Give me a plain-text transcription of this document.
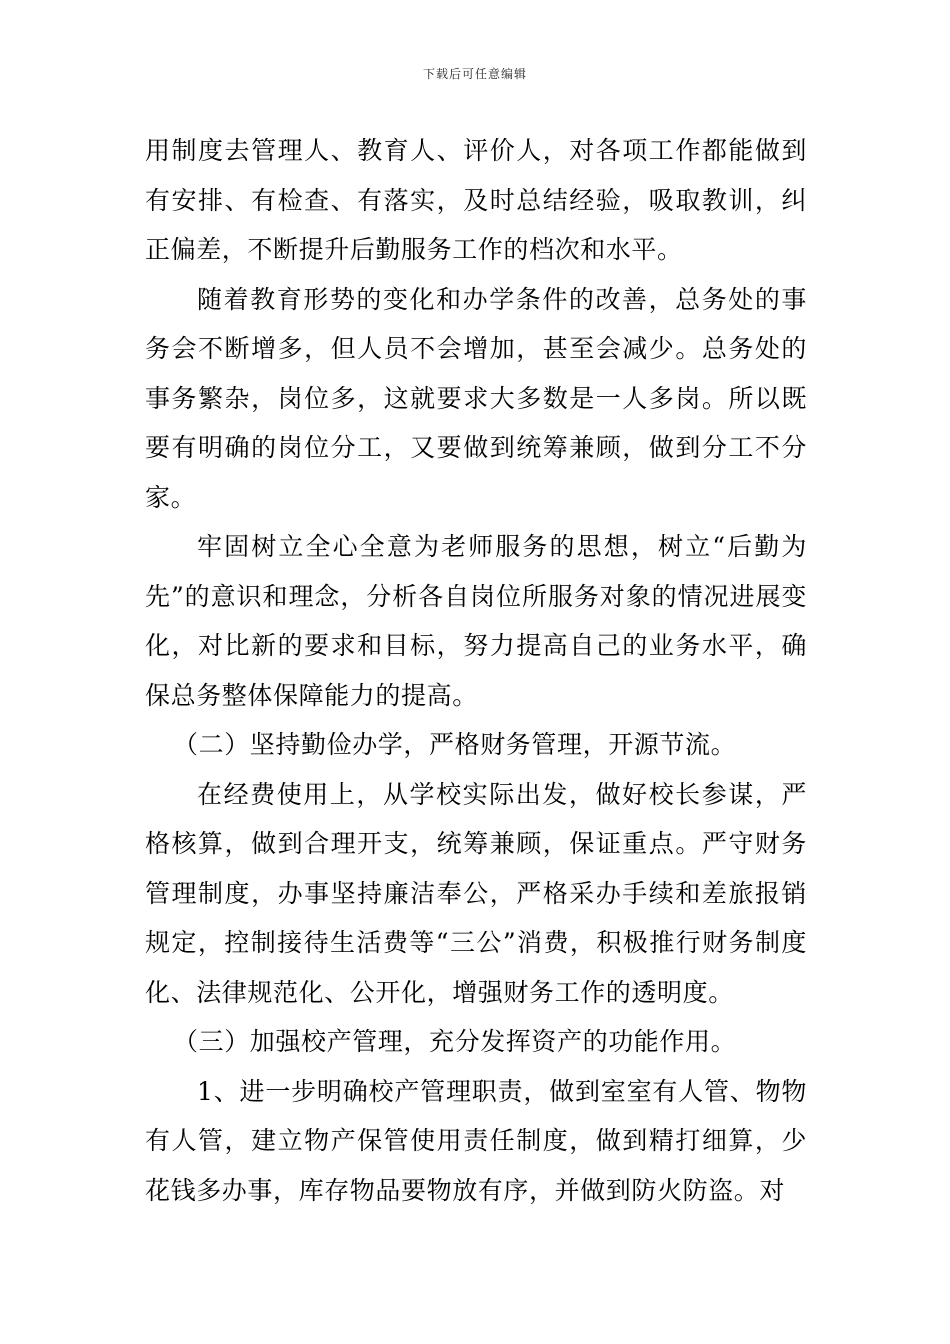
下载后可任意编辑

用制度去管理人、教育人、评价人，对各项工作都能做到有安排、有检查、有落实，及时总结经验，吸取教训，纠正偏差，不断提升后勤服务工作的档次和水平。

随着教育形势的变化和办学条件的改善，总务处的事务会不断增多，但人员不会增加，甚至会减少。总务处的事务繁杂，岗位多，这就要求大多数是一人多岗。所以既要有明确的岗位分工，又要做到统筹兼顾，做到分工不分家。

牢固树立全心全意为老师服务的思想，树立“后勤为先”的意识和理念，分析各自岗位所服务对象的情况进展变化，对比新的要求和目标，努力提高自己的业务水平，确保总务整体保障能力的提高。

（二）坚持勤俭办学，严格财务管理，开源节流。

在经费使用上，从学校实际出发，做好校长参谋，严格核算，做到合理开支，统筹兼顾，保证重点。严守财务管理制度，办事坚持廉洁奉公，严格采办手续和差旅报销规定，控制接待生活费等“三公”消费，积极推行财务制度化、法律规范化、公开化，增强财务工作的透明度。

（三）加强校产管理，充分发挥资产的功能作用。

1、进一步明确校产管理职责，做到室室有人管、物物有人管，建立物产保管使用责任制度，做到精打细算，少花钱多办事，库存物品要物放有序，并做到防火防盗。对
